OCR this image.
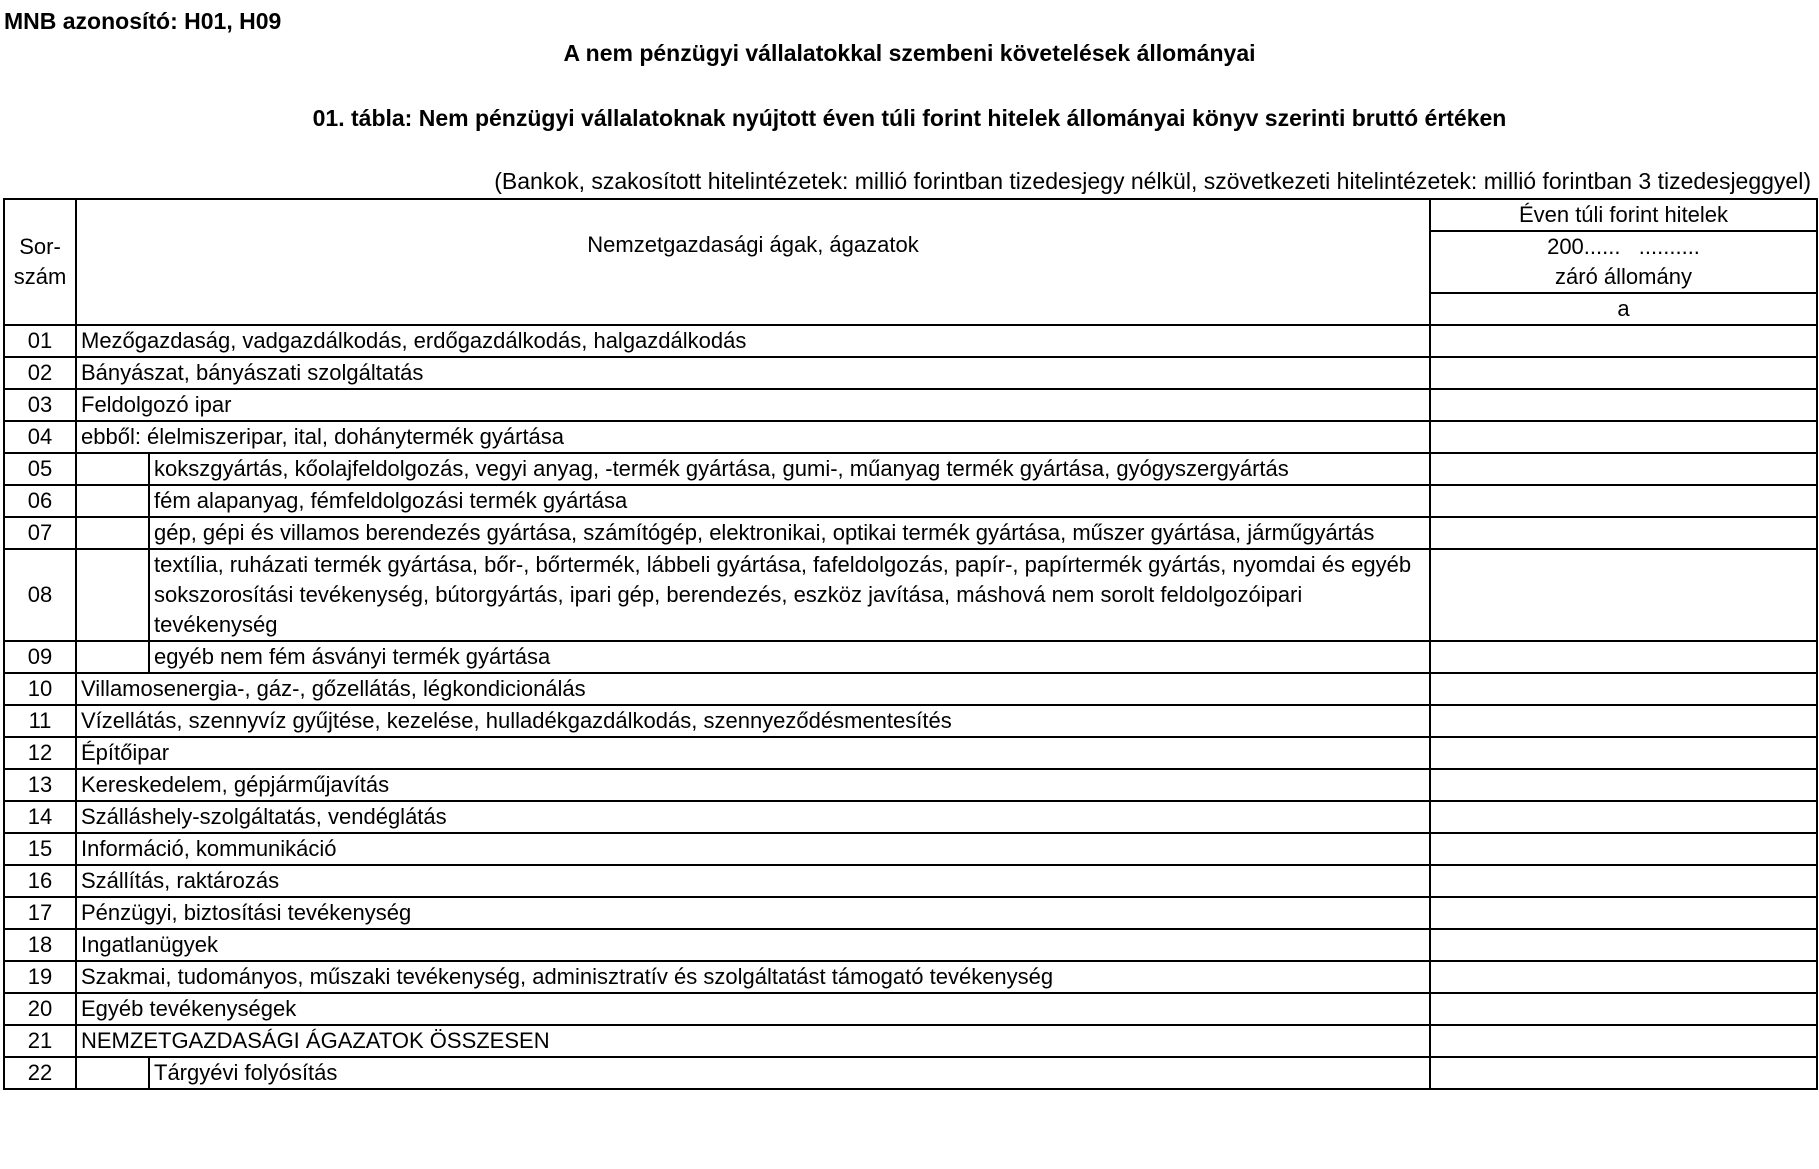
MNB azonosító: H01, H09
A nem pénzügyi vállalatokkal szembeni követelések állományai
01. tábla: Nem pénzügyi vállalatoknak nyújtott éven túli forint hitelek állományai könyv szerinti bruttó értéken
(Bankok, szakosított hitelintézetek: millió forintban tizedesjegy nélkül, szövetkezeti hitelintézetek: millió forintban 3 tizedesjeggyel)
Sor-
szám	Nemzetgazdasági ágak, ágazatok		Éven túli forint hitelek
			200......   ..........
			záró állomány
			a
01	Mezőgazdaság, vadgazdálkodás, erdőgazdálkodás, halgazdálkodás		
02	Bányászat, bányászati szolgáltatás		
03	Feldolgozó ipar		
04	ebből: élelmiszeripar, ital, dohánytermék gyártása		
05		kokszgyártás, kőolajfeldolgozás, vegyi anyag, -termék gyártása, gumi-, műanyag termék gyártása, gyógyszergyártás	
06		fém alapanyag, fémfeldolgozási termék gyártása	
07		gép, gépi és villamos berendezés gyártása, számítógép, elektronikai, optikai termék gyártása, műszer gyártása, járműgyártás	
08		textília, ruházati termék gyártása, bőr-, bőrtermék, lábbeli gyártása, fafeldolgozás, papír-, papírtermék gyártás, nyomdai és egyéb sokszorosítási tevékenység, bútorgyártás, ipari gép, berendezés, eszköz javítása, máshová nem sorolt feldolgozóipari tevékenység	
09		egyéb nem fém ásványi termék gyártása	
10	Villamosenergia-, gáz-, gőzellátás, légkondicionálás		
11	Vízellátás, szennyvíz gyűjtése, kezelése, hulladékgazdálkodás, szennyeződésmentesítés		
12	Építőipar		
13	Kereskedelem, gépjárműjavítás		
14	Szálláshely-szolgáltatás, vendéglátás		
15	Információ, kommunikáció		
16	Szállítás, raktározás		
17	Pénzügyi, biztosítási tevékenység		
18	Ingatlanügyek		
19	Szakmai, tudományos, műszaki tevékenység, adminisztratív és szolgáltatást támogató tevékenység		
20	Egyéb tevékenységek		
21	NEMZETGAZDASÁGI ÁGAZATOK ÖSSZESEN		
22		Tárgyévi folyósítás	
